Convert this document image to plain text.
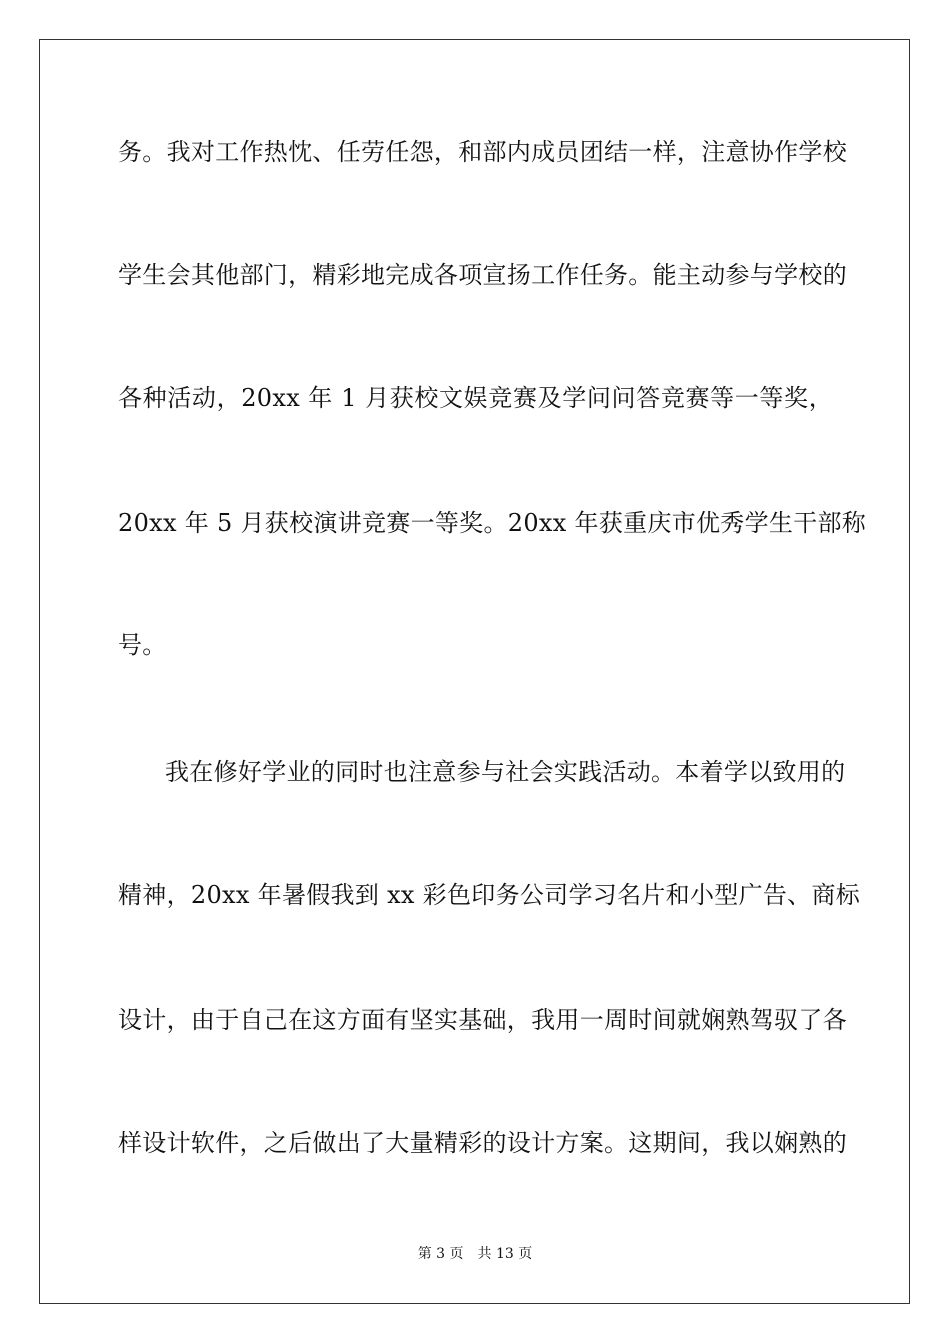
务。我对工作热忱、任劳任怨，和部内成员团结一样，注意协作学校
学生会其他部门，精彩地完成各项宣扬工作任务。能主动参与学校的
各种活动，20xx 年 1 月获校文娱竞赛及学问问答竞赛等一等奖，
20xx 年 5 月获校演讲竞赛一等奖。20xx 年获重庆市优秀学生干部称
号。
我在修好学业的同时也注意参与社会实践活动。本着学以致用的
精神，20xx 年暑假我到 xx 彩色印务公司学习名片和小型广告、商标
设计，由于自己在这方面有坚实基础，我用一周时间就娴熟驾驭了各
样设计软件，之后做出了大量精彩的设计方案。这期间，我以娴熟的
第 3 页 共 13 页
